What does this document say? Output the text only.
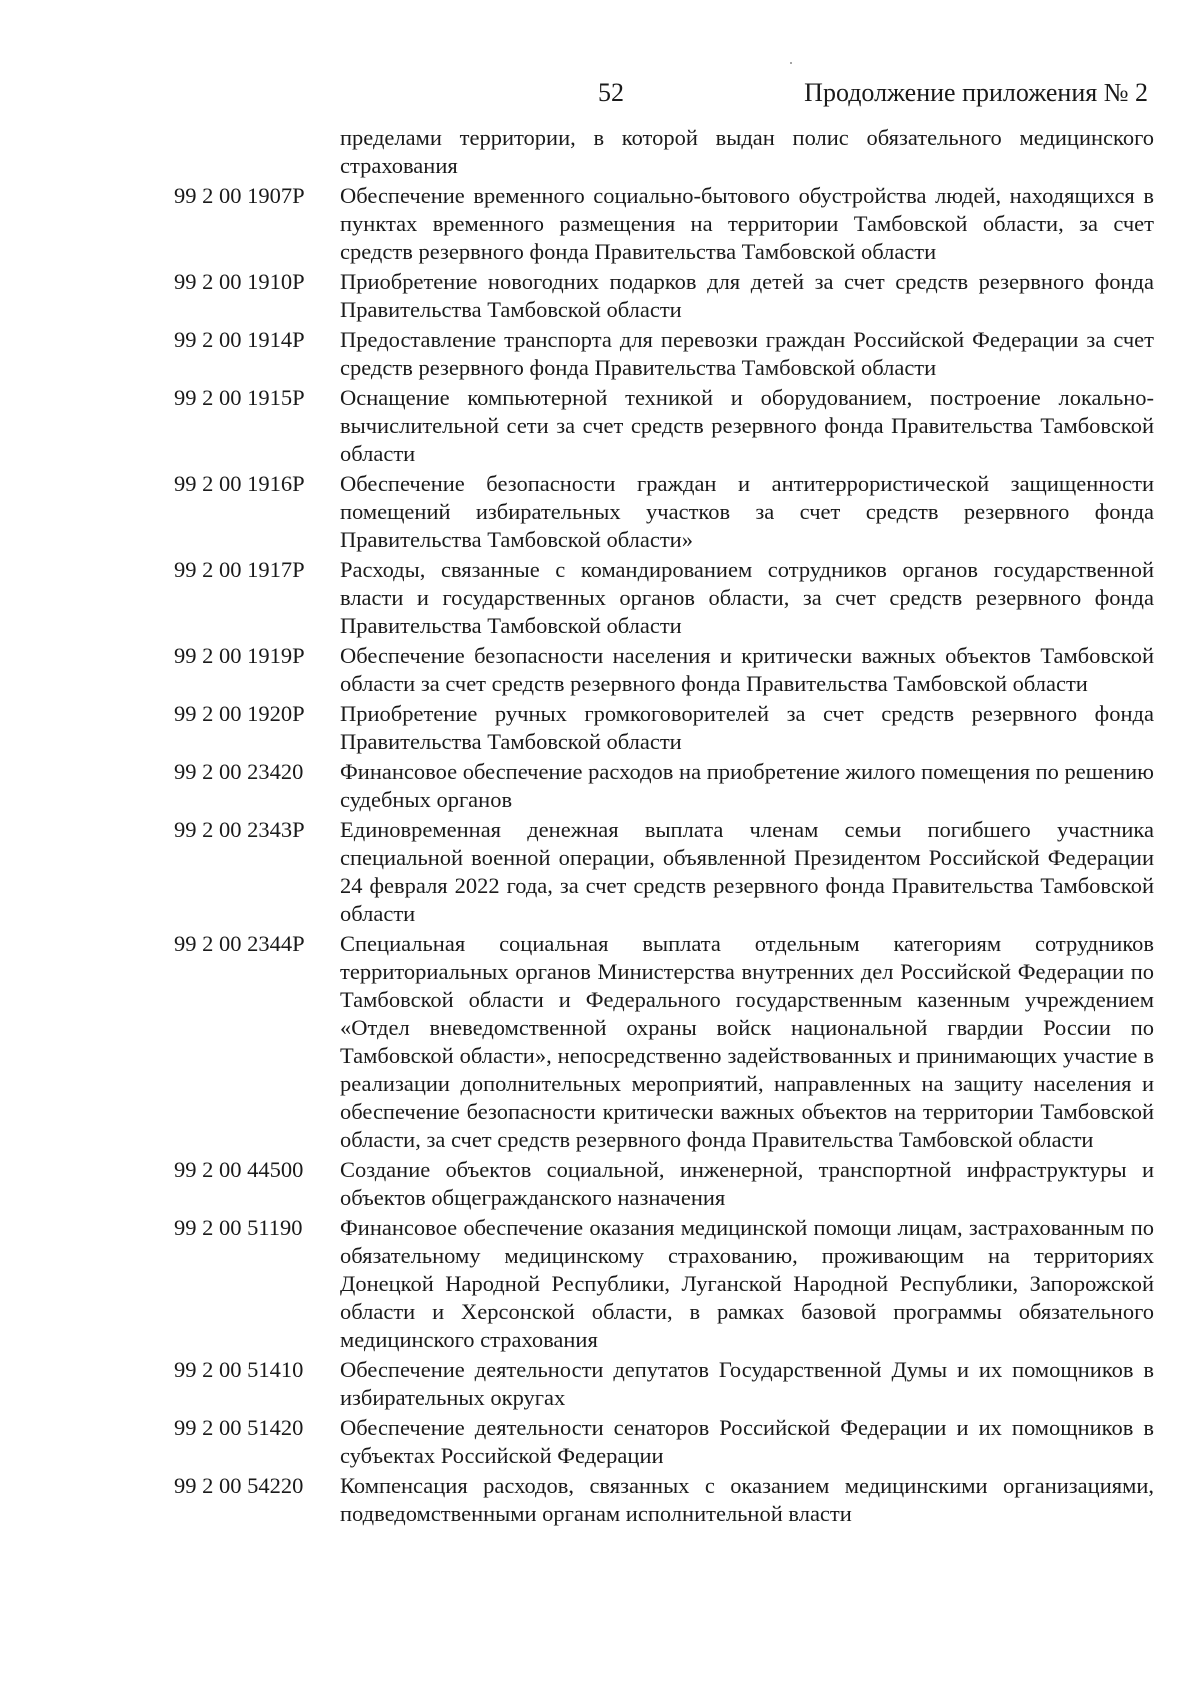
52	Продолжение приложения № 2
пределами территории, в которой выдан полис обязательного медицинского страхования
99 2 00 1907Р	Обеспечение временного социально-бытового обустройства людей, находящихся в пунктах временного размещения на территории Тамбовской области, за счет средств резервного фонда Правительства Тамбовской области
99 2 00 1910Р	Приобретение новогодних подарков для детей за счет средств резервного фонда Правительства Тамбовской области
99 2 00 1914Р	Предоставление транспорта для перевозки граждан Российской Федерации за счет средств резервного фонда Правительства Тамбовской области
99 2 00 1915Р	Оснащение компьютерной техникой и оборудованием, построение локально-вычислительной сети за счет средств резервного фонда Правительства Тамбовской области
99 2 00 1916Р	Обеспечение безопасности граждан и антитеррористической защищенности помещений избирательных участков за счет средств резервного фонда Правительства Тамбовской области»
99 2 00 1917Р	Расходы, связанные с командированием сотрудников органов государственной власти и государственных органов области, за счет средств резервного фонда Правительства Тамбовской области
99 2 00 1919Р	Обеспечение безопасности населения и критически важных объектов Тамбовской области за счет средств резервного фонда Правительства Тамбовской области
99 2 00 1920Р	Приобретение ручных громкоговорителей за счет средств резервного фонда Правительства Тамбовской области
99 2 00 23420	Финансовое обеспечение расходов на приобретение жилого помещения по решению судебных органов
99 2 00 2343Р	Единовременная денежная выплата членам семьи погибшего участника специальной военной операции, объявленной Президентом Российской Федерации 24 февраля 2022 года, за счет средств резервного фонда Правительства Тамбовской области
99 2 00 2344Р	Специальная социальная выплата отдельным категориям сотрудников территориальных органов Министерства внутренних дел Российской Федерации по Тамбовской области и Федерального государственным казенным учреждением «Отдел вневедомственной охраны войск национальной гвардии России по Тамбовской области», непосредственно задействованных и принимающих участие в реализации дополнительных мероприятий, направленных на защиту населения и обеспечение безопасности критически важных объектов на территории Тамбовской области, за счет средств резервного фонда Правительства Тамбовской области
99 2 00 44500	Создание объектов социальной, инженерной, транспортной инфраструктуры и объектов общегражданского назначения
99 2 00 51190	Финансовое обеспечение оказания медицинской помощи лицам, застрахованным по обязательному медицинскому страхованию, проживающим на территориях Донецкой Народной Республики, Луганской Народной Республики, Запорожской области и Херсонской области, в рамках базовой программы обязательного медицинского страхования
99 2 00 51410	Обеспечение деятельности депутатов Государственной Думы и их помощников в избирательных округах
99 2 00 51420	Обеспечение деятельности сенаторов Российской Федерации и их помощников в субъектах Российской Федерации
99 2 00 54220	Компенсация расходов, связанных с оказанием медицинскими организациями, подведомственными органам исполнительной власти
